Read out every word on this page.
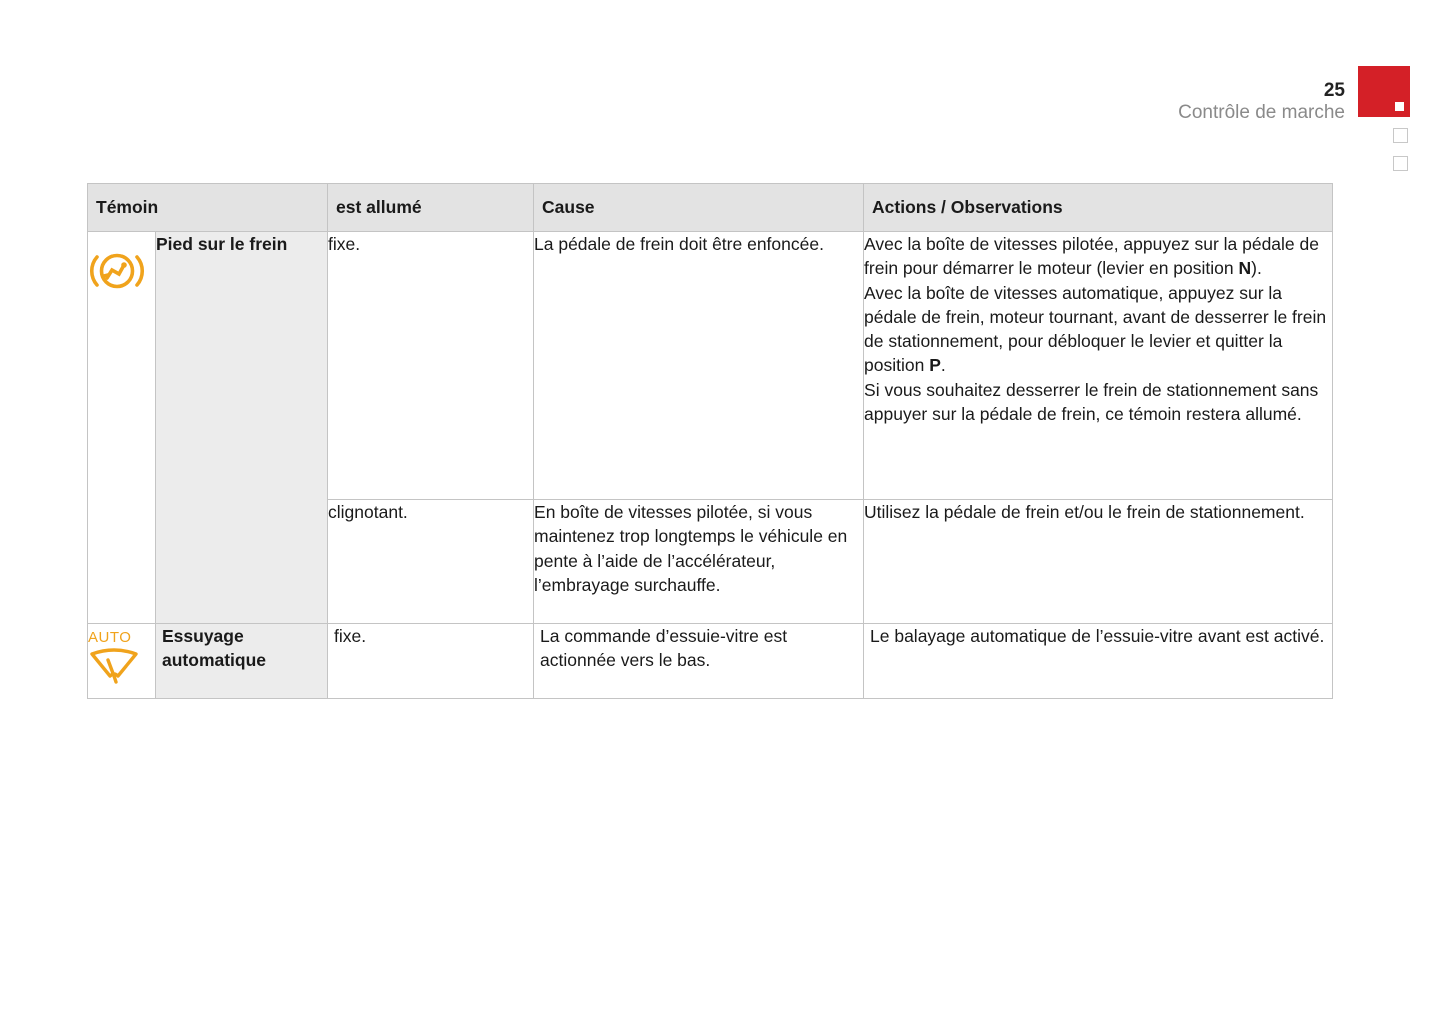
25
Contrôle de marche
Témoin		est allumé	Cause	Actions / Observations

	Pied sur le frein	fixe.	La pédale de frein doit être enfoncée.	Avec la boîte de vitesses pilotée, appuyez sur la pédale de frein pour démarrer le moteur (levier en position N).

Avec la boîte de vitesses automatique, appuyez sur la pédale de frein, moteur tournant, avant de desserrer le frein de stationnement, pour débloquer le levier et quitter la position P.

Si vous souhaitez desserrer le frein de stationnement sans appuyer sur la pédale de frein, ce témoin restera allumé.

		clignotant.	En boîte de vitesses pilotée, si vous maintenez trop longtemps le véhicule en pente à l’aide de l’accélérateur, l’embrayage surchauffe.	Utilisez la pédale de frein et/ou le frein de stationnement.

AUTO	Essuyage automatique	fixe.	La commande d’essuie-vitre est actionnée vers le bas.	Le balayage automatique de l’essuie-vitre avant est activé.
